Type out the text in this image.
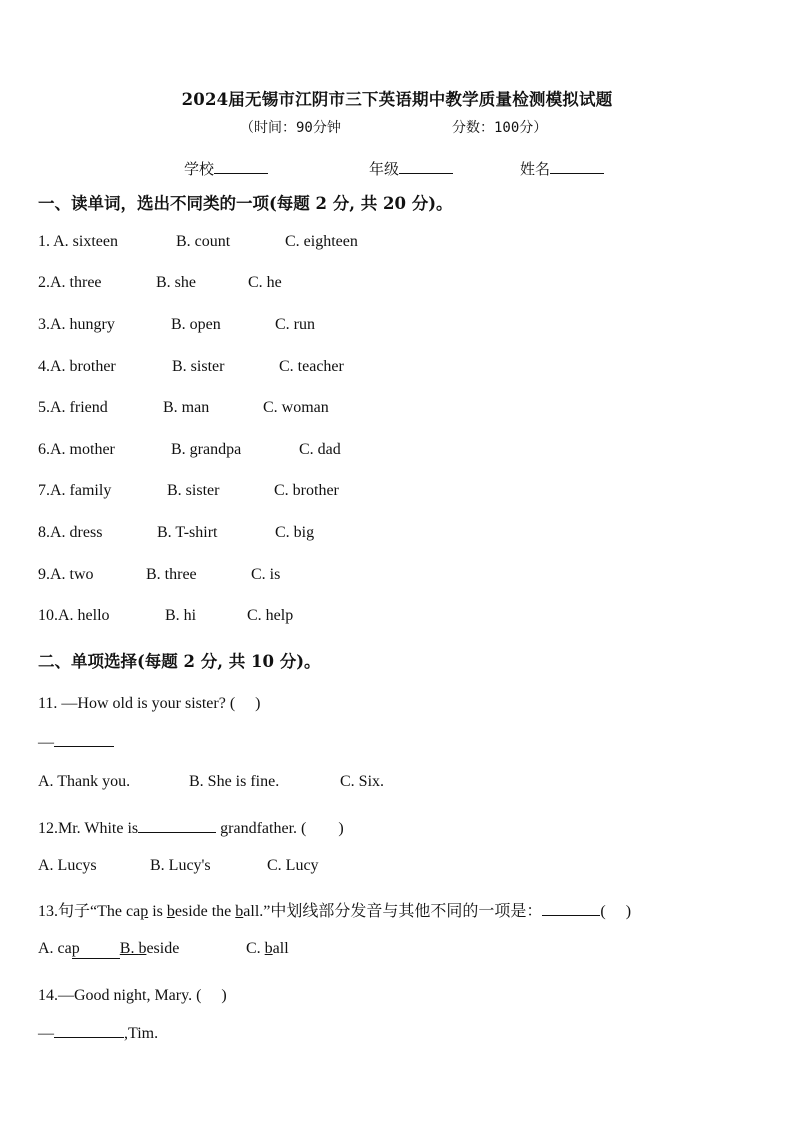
2024届无锡市江阴市三下英语期中教学质量检测模拟试题
（时间：90分钟	分数：100分）
学校	年级	姓名
一、读单词，选出不同类的一项(每题 2 分, 共 20 分)。
1. A. sixteen	B. count	C. eighteen
2.A. three	B. she	C. he
3.A. hungry	B. open	C. run
4.A. brother	B. sister	C. teacher
5.A. friend	B. man	C. woman
6.A. mother	B. grandpa	C. dad
7.A. family	B. sister	C. brother
8.A. dress	B. T-shirt	C. big
9.A. two	B. three	C. is
10.A. hello	B. hi	C. help
二、单项选择(每题 2 分, 共 10 分)。
11. —How old is your sister? (　 )
—
A. Thank you.	B. She is fine.	C. Six.
12.Mr. White is	grandfather. (　　)
A. Lucys	B. Lucy's	C. Lucy
13.句子“The cap is beside the ball.”中划线部分发音与其他不同的一项是：	(　 )
A. cap	B. beside	C. ball
14.—Good night, Mary. (　 )
—	,Tim.
